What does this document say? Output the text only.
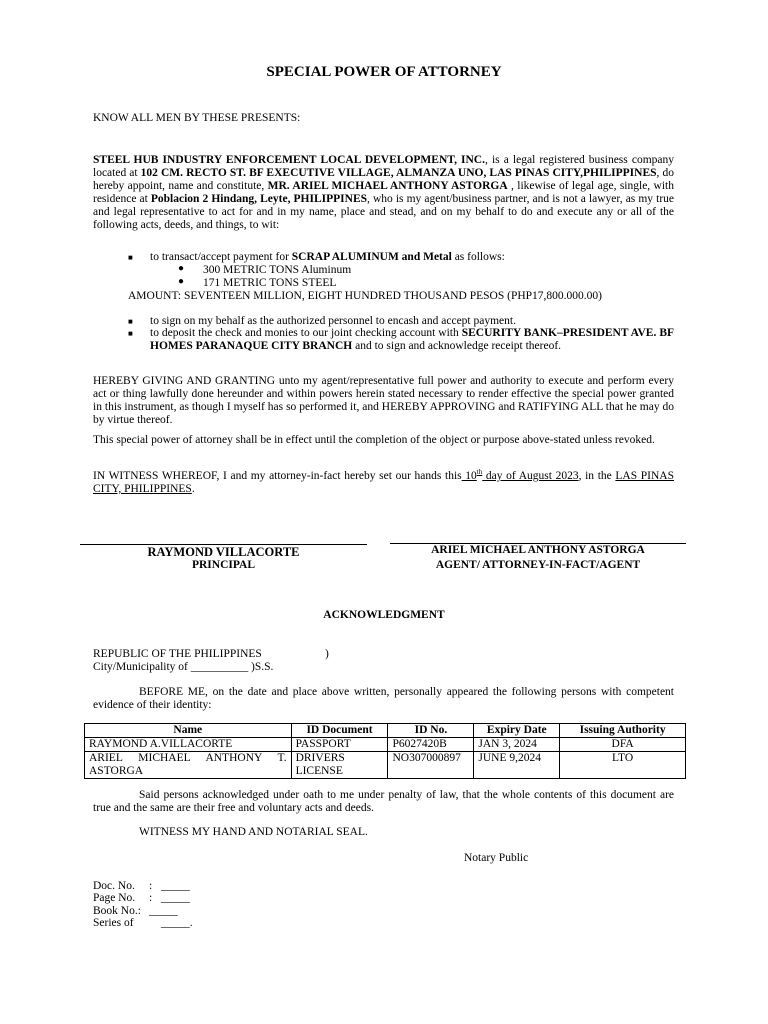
SPECIAL POWER OF ATTORNEY
KNOW ALL MEN BY THESE PRESENTS:
STEEL HUB INDUSTRY ENFORCEMENT LOCAL DEVELOPMENT, INC., is a legal registered business company located at 102 CM. RECTO ST. BF EXECUTIVE VILLAGE, ALMANZA UNO, LAS PINAS CITY,PHILIPPINES, do hereby appoint, name and constitute, MR. ARIEL MICHAEL ANTHONY ASTORGA , likewise of legal age, single, with residence at Poblacion 2 Hindang, Leyte, PHILIPPINES, who is my agent/business partner, and is not a lawyer, as my true and legal representative to act for and in my name, place and stead, and on my behalf to do and execute any or all of the following acts, deeds, and things, to wit:
■ to transact/accept payment for SCRAP ALUMINUM and Metal as follows:
● 300 METRIC TONS Aluminum
● 171 METRIC TONS STEEL
AMOUNT: SEVENTEEN MILLION, EIGHT HUNDRED THOUSAND PESOS (PHP17,800.000.00)
■ to sign on my behalf as the authorized personnel to encash and accept payment.
■ to deposit the check and monies to our joint checking account with SECURITY BANK–PRESIDENT AVE. BF HOMES PARANAQUE CITY BRANCH and to sign and acknowledge receipt thereof.
HEREBY GIVING AND GRANTING unto my agent/representative full power and authority to execute and perform every act or thing lawfully done hereunder and within powers herein stated necessary to render effective the special power granted in this instrument, as though I myself has so performed it, and HEREBY APPROVING and RATIFYING ALL that he may do by virtue thereof.
This special power of attorney shall be in effect until the completion of the object or purpose above-stated unless revoked.
IN WITNESS WHEREOF, I and my attorney-in-fact hereby set our hands this 10th day of August 2023, in the LAS PINAS CITY, PHILIPPINES.
RAYMOND VILLACORTE
PRINCIPAL
ARIEL MICHAEL ANTHONY ASTORGA
AGENT/ ATTORNEY-IN-FACT/AGENT
ACKNOWLEDGMENT
REPUBLIC OF THE PHILIPPINES	)
City/Municipality of __________ )S.S.
BEFORE ME, on the date and place above written, personally appeared the following persons with competent evidence of their identity:
Name	ID Document	ID No.	Expiry Date	Issuing Authority
RAYMOND A.VILLACORTE	PASSPORT	P6027420B	JAN 3, 2024	DFA
ARIEL MICHAEL ANTHONY T. ASTORGA	DRIVERS LICENSE	NO307000897	JUNE 9,2024	LTO
Said persons acknowledged under oath to me under penalty of law, that the whole contents of this document are true and the same are their free and voluntary acts and deeds.
WITNESS MY HAND AND NOTARIAL SEAL.
Notary Public
Doc. No. : _____
Page No. : _____
Book No.: _____
Series of _____.
